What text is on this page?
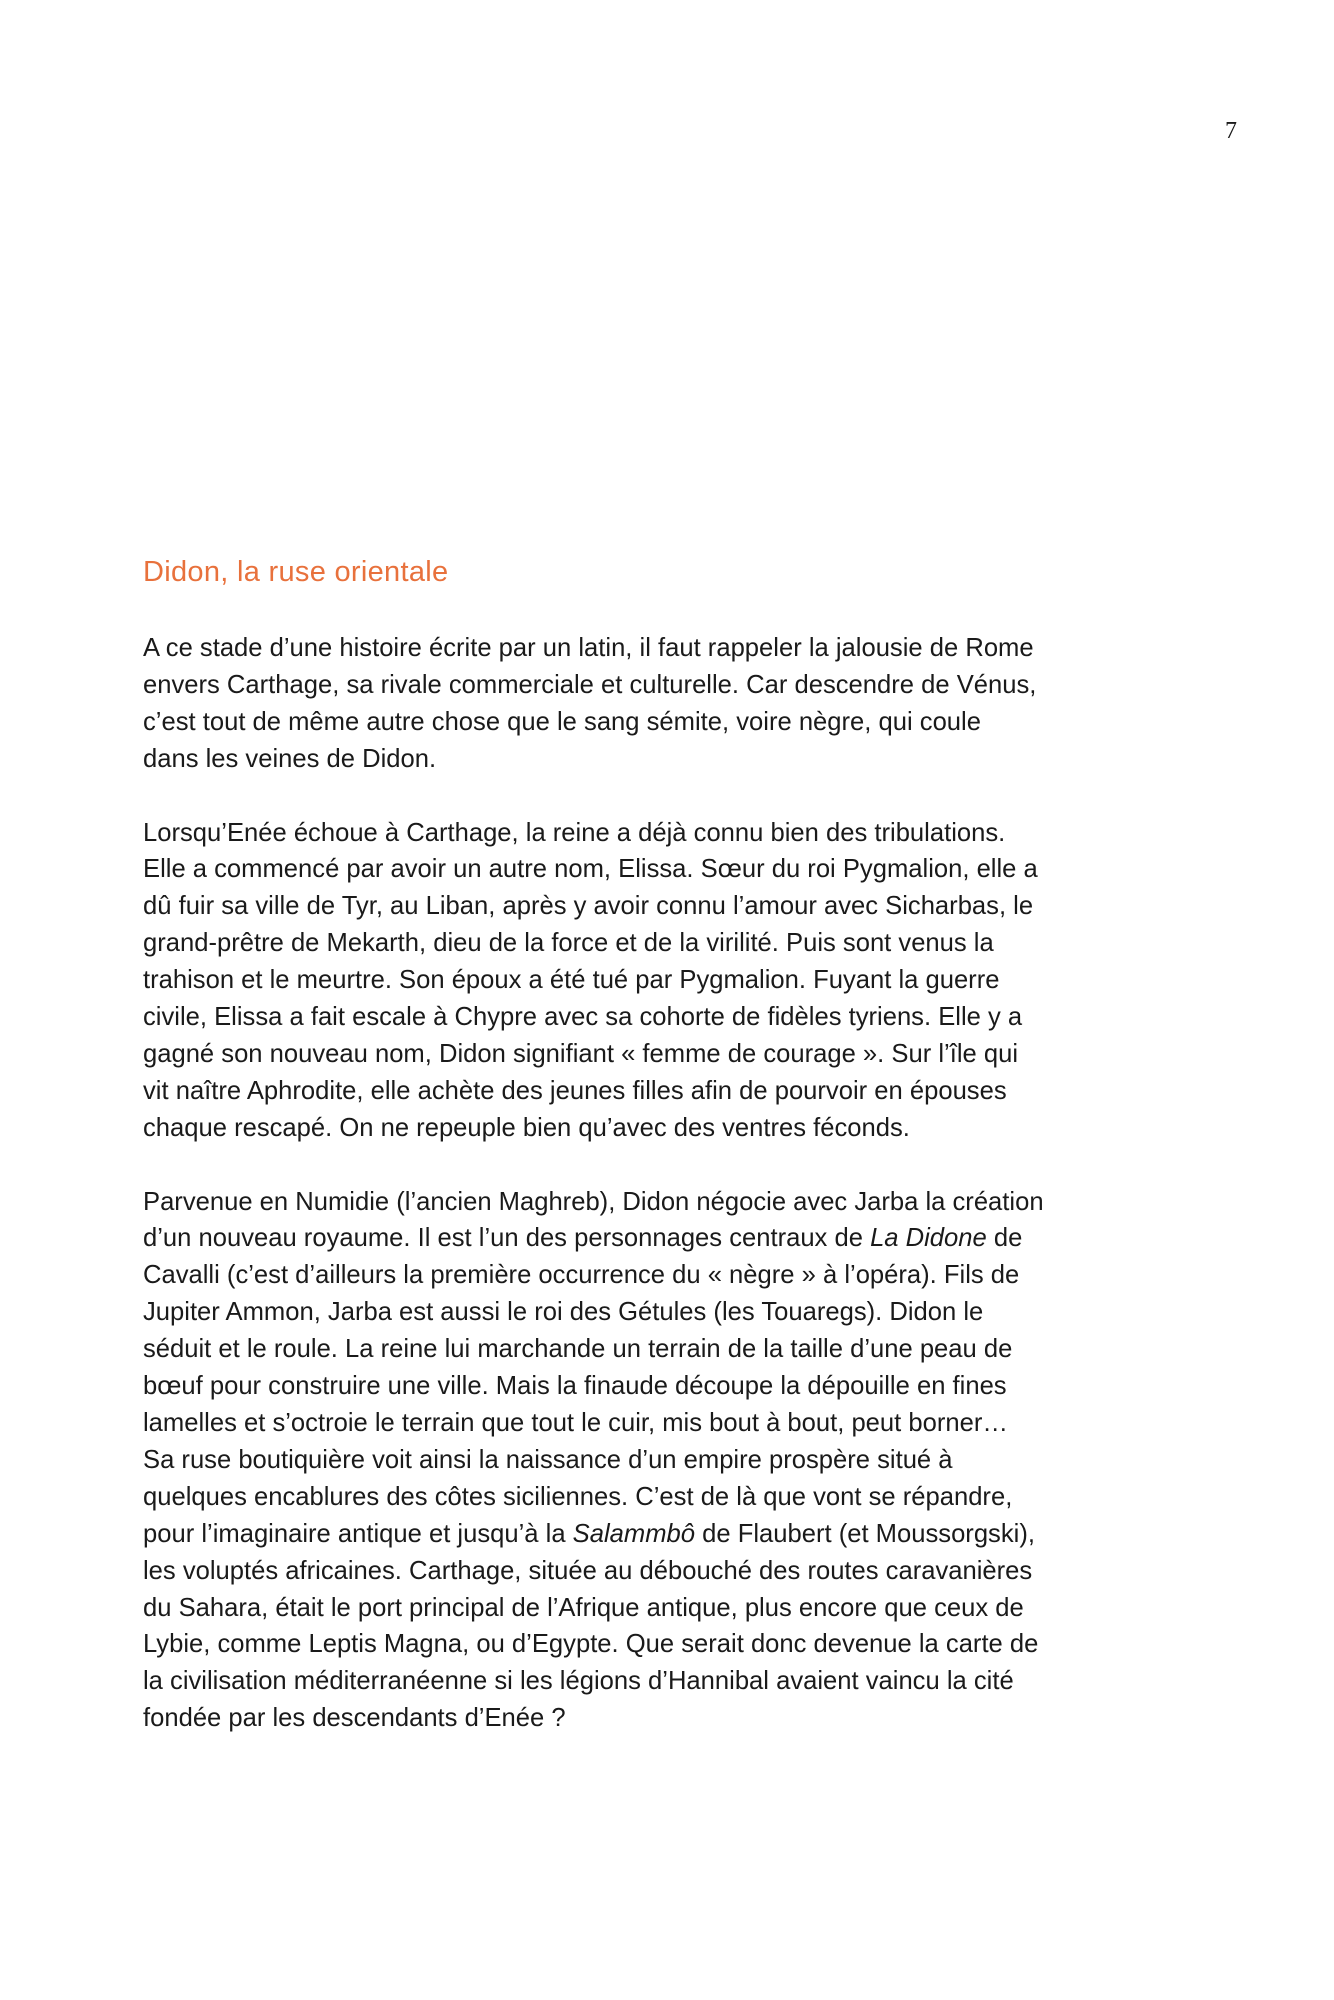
7
Didon, la ruse orientale

A ce stade d’une histoire écrite par un latin, il faut rappeler la jalousie de Rome
envers Carthage, sa rivale commerciale et culturelle. Car descendre de Vénus,
c’est tout de même autre chose que le sang sémite, voire nègre, qui coule
dans les veines de Didon.

Lorsqu’Enée échoue à Carthage, la reine a déjà connu bien des tribulations.
Elle a commencé par avoir un autre nom, Elissa. Sœur du roi Pygmalion, elle a
dû fuir sa ville de Tyr, au Liban, après y avoir connu l’amour avec Sicharbas, le
grand-prêtre de Mekarth, dieu de la force et de la virilité. Puis sont venus la
trahison et le meurtre. Son époux a été tué par Pygmalion. Fuyant la guerre
civile, Elissa a fait escale à Chypre avec sa cohorte de fidèles tyriens. Elle y a
gagné son nouveau nom, Didon signifiant « femme de courage ». Sur l’île qui
vit naître Aphrodite, elle achète des jeunes filles afin de pourvoir en épouses
chaque rescapé. On ne repeuple bien qu’avec des ventres féconds.

Parvenue en Numidie (l’ancien Maghreb), Didon négocie avec Jarba la création
d’un nouveau royaume. Il est l’un des personnages centraux de La Didone de
Cavalli (c’est d’ailleurs la première occurrence du « nègre » à l’opéra). Fils de
Jupiter Ammon, Jarba est aussi le roi des Gétules (les Touaregs). Didon le
séduit et le roule. La reine lui marchande un terrain de la taille d’une peau de
bœuf pour construire une ville. Mais la finaude découpe la dépouille en fines
lamelles et s’octroie le terrain que tout le cuir, mis bout à bout, peut borner…
Sa ruse boutiquière voit ainsi la naissance d’un empire prospère situé à
quelques encablures des côtes siciliennes. C’est de là que vont se répandre,
pour l’imaginaire antique et jusqu’à la Salammbô de Flaubert (et Moussorgski),
les voluptés africaines. Carthage, située au débouché des routes caravanières
du Sahara, était le port principal de l’Afrique antique, plus encore que ceux de
Lybie, comme Leptis Magna, ou d’Egypte. Que serait donc devenue la carte de
la civilisation méditerranéenne si les légions d’Hannibal avaient vaincu la cité
fondée par les descendants d’Enée ?
